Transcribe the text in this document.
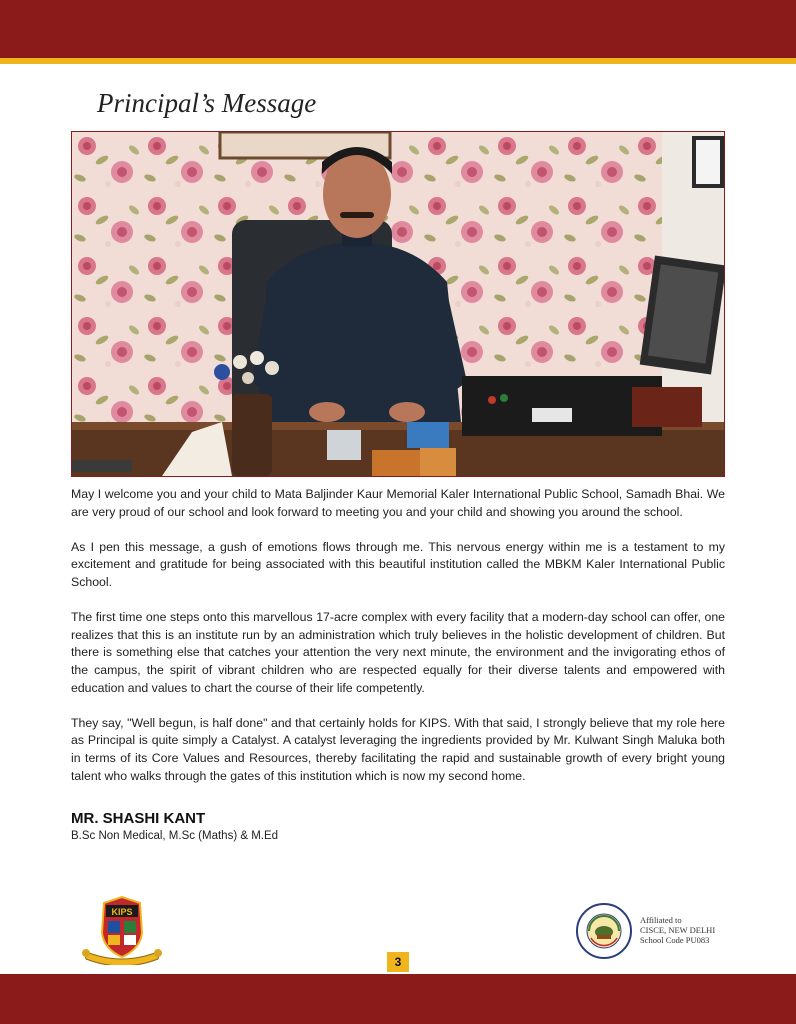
Principal’s Message

May I welcome you and your child to Mata Baljinder Kaur Memorial Kaler International Public School, Samadh Bhai. We are very proud of our school and look forward to meeting you and your child and showing you around the school.

As I pen this message, a gush of emotions flows through me. This nervous energy within me is a testament to my excitement and gratitude for being associated with this beautiful institution called the MBKM Kaler International Public School.

The first time one steps onto this marvellous 17-acre complex with every facility that a modern-day school can offer, one realizes that this is an institute run by an administration which truly believes in the holistic development of children. But there is something else that catches your attention the very next minute, the environment and the invigorating ethos of the campus, the spirit of vibrant children who are respected equally for their diverse talents and empowered with education and values to chart the course of their life competently.

They say, "Well begun, is half done" and that certainly holds for KIPS. With that said, I strongly believe that my role here as Principal is quite simply a Catalyst. A catalyst leveraging the ingredients provided by Mr. Kulwant Singh Maluka both in terms of its Core Values and Resources, thereby facilitating the rapid and sustainable growth of every bright young talent who walks through the gates of this institution which is now my second home.

MR. SHASHI KANT
B.Sc Non Medical, M.Sc (Maths) & M.Ed
KIPS
Affiliated to
CISCE, NEW DELHI
School Code PU083
3
